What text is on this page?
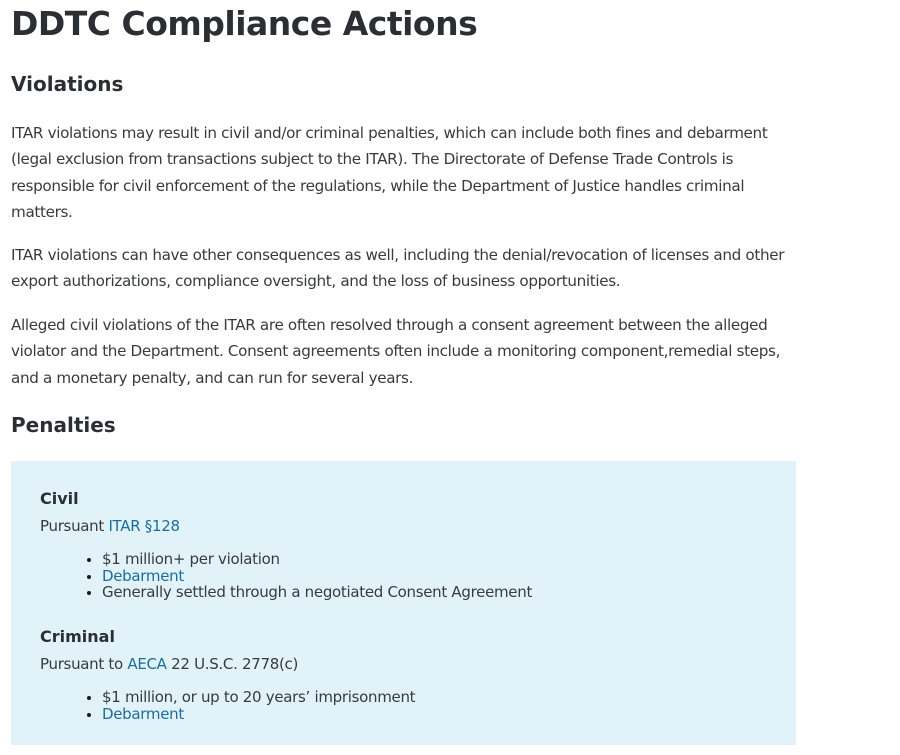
DDTC Compliance Actions
Violations

ITAR violations may result in civil and/or criminal penalties, which can include both fines and debarment (legal exclusion from transactions subject to the ITAR). The Directorate of Defense Trade Controls is responsible for civil enforcement of the regulations, while the Department of Justice handles criminal matters.

ITAR violations can have other consequences as well, including the denial/revocation of licenses and other export authorizations, compliance oversight, and the loss of business opportunities.

Alleged civil violations of the ITAR are often resolved through a consent agreement between the alleged violator and the Department. Consent agreements often include a monitoring component,remedial steps, and a monetary penalty, and can run for several years.

Penalties
Civil

Pursuant ITAR §128

• $1 million+ per violation
• Debarment
• Generally settled through a negotiated Consent Agreement
Criminal

Pursuant to AECA 22 U.S.C. 2778(c)

• $1 million, or up to 20 years’ imprisonment
• Debarment
